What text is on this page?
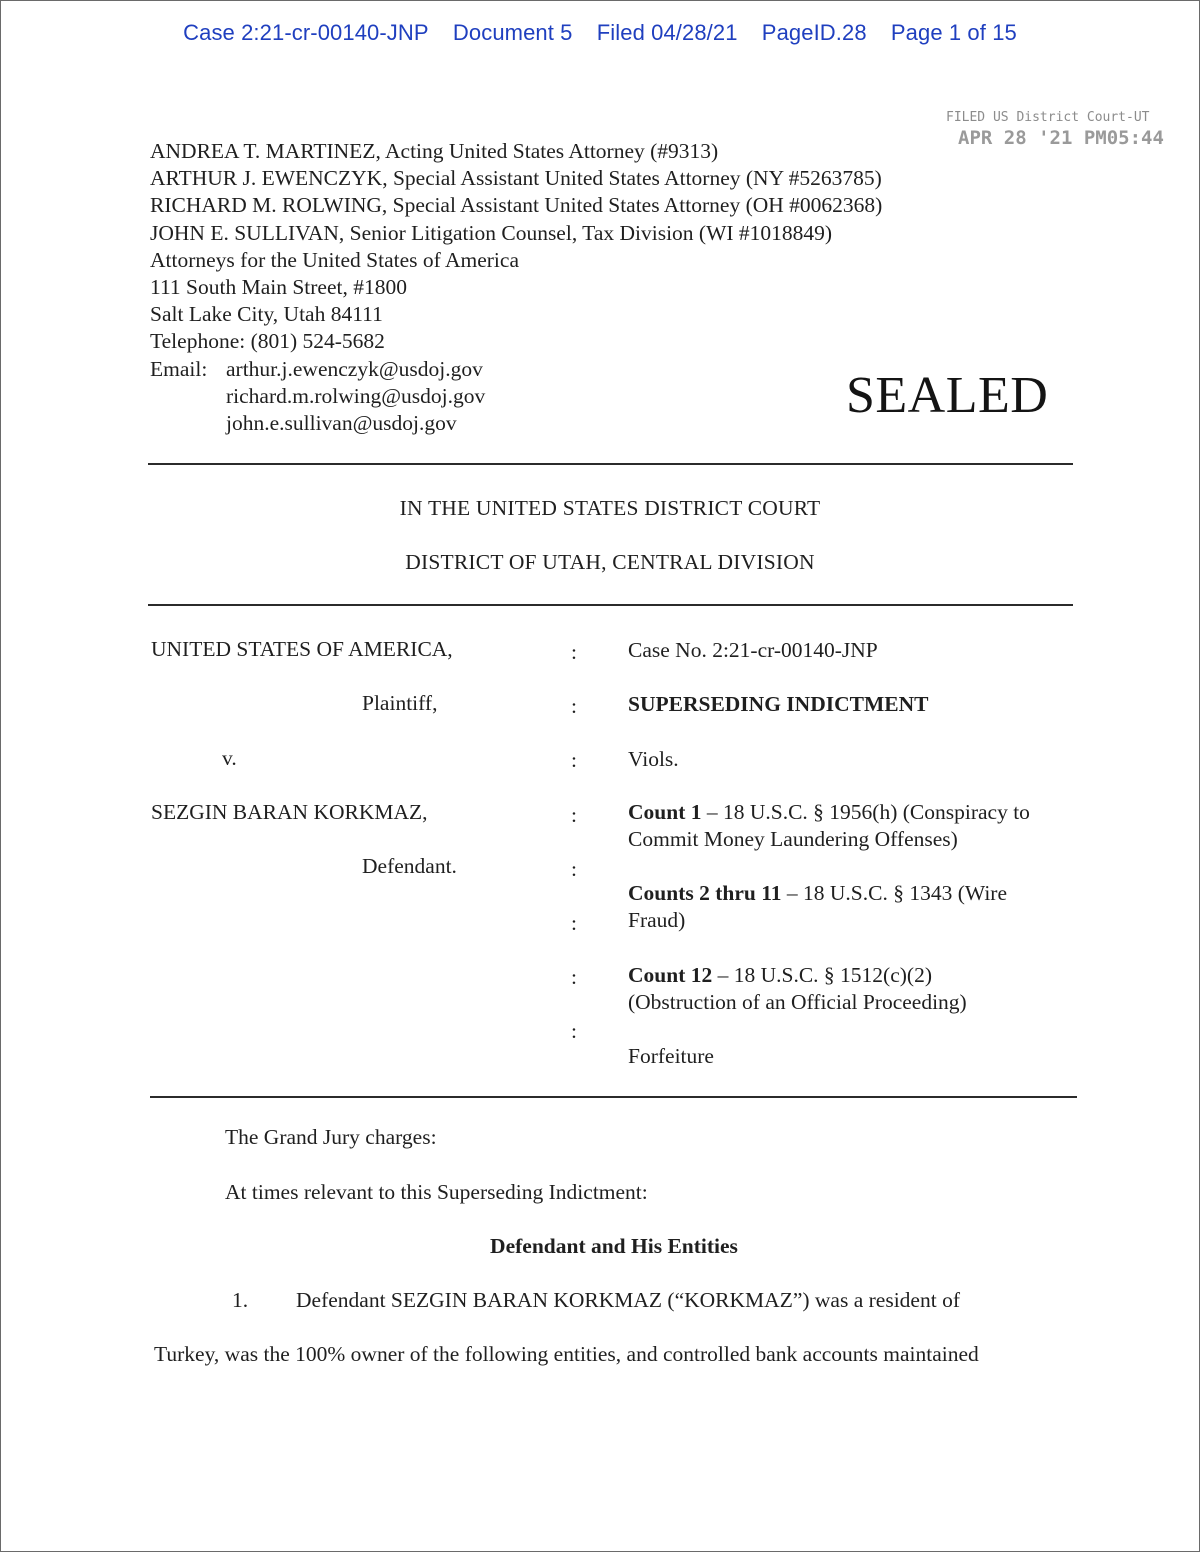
Case 2:21-cr-00140-JNP Document 5 Filed 04/28/21 PageID.28 Page 1 of 15
FILED US District Court-UT
APR 28 '21 PM05:44
ANDREA T. MARTINEZ, Acting United States Attorney (#9313)
ARTHUR J. EWENCZYK, Special Assistant United States Attorney (NY #5263785)
RICHARD M. ROLWING, Special Assistant United States Attorney (OH #0062368)
JOHN E. SULLIVAN, Senior Litigation Counsel, Tax Division (WI #1018849)
Attorneys for the United States of America
111 South Main Street, #1800
Salt Lake City, Utah 84111
Telephone: (801) 524-5682
Email: arthur.j.ewenczyk@usdoj.gov
richard.m.rolwing@usdoj.gov
john.e.sullivan@usdoj.gov	SEALED
IN THE UNITED STATES DISTRICT COURT
DISTRICT OF UTAH, CENTRAL DIVISION
UNITED STATES OF AMERICA,
Plaintiff,
v.
SEZGIN BARAN KORKMAZ,
Defendant.
:
:
:
:
:
:
:
:
Case No. 2:21-cr-00140-JNP
SUPERSEDING INDICTMENT
Viols.
Count 1 – 18 U.S.C. § 1956(h) (Conspiracy to Commit Money Laundering Offenses)
Counts 2 thru 11 – 18 U.S.C. § 1343 (Wire Fraud)
Count 12 – 18 U.S.C. § 1512(c)(2) (Obstruction of an Official Proceeding)
Forfeiture
The Grand Jury charges:
At times relevant to this Superseding Indictment:
Defendant and His Entities
1. Defendant SEZGIN BARAN KORKMAZ (“KORKMAZ”) was a resident of
Turkey, was the 100% owner of the following entities, and controlled bank accounts maintained
